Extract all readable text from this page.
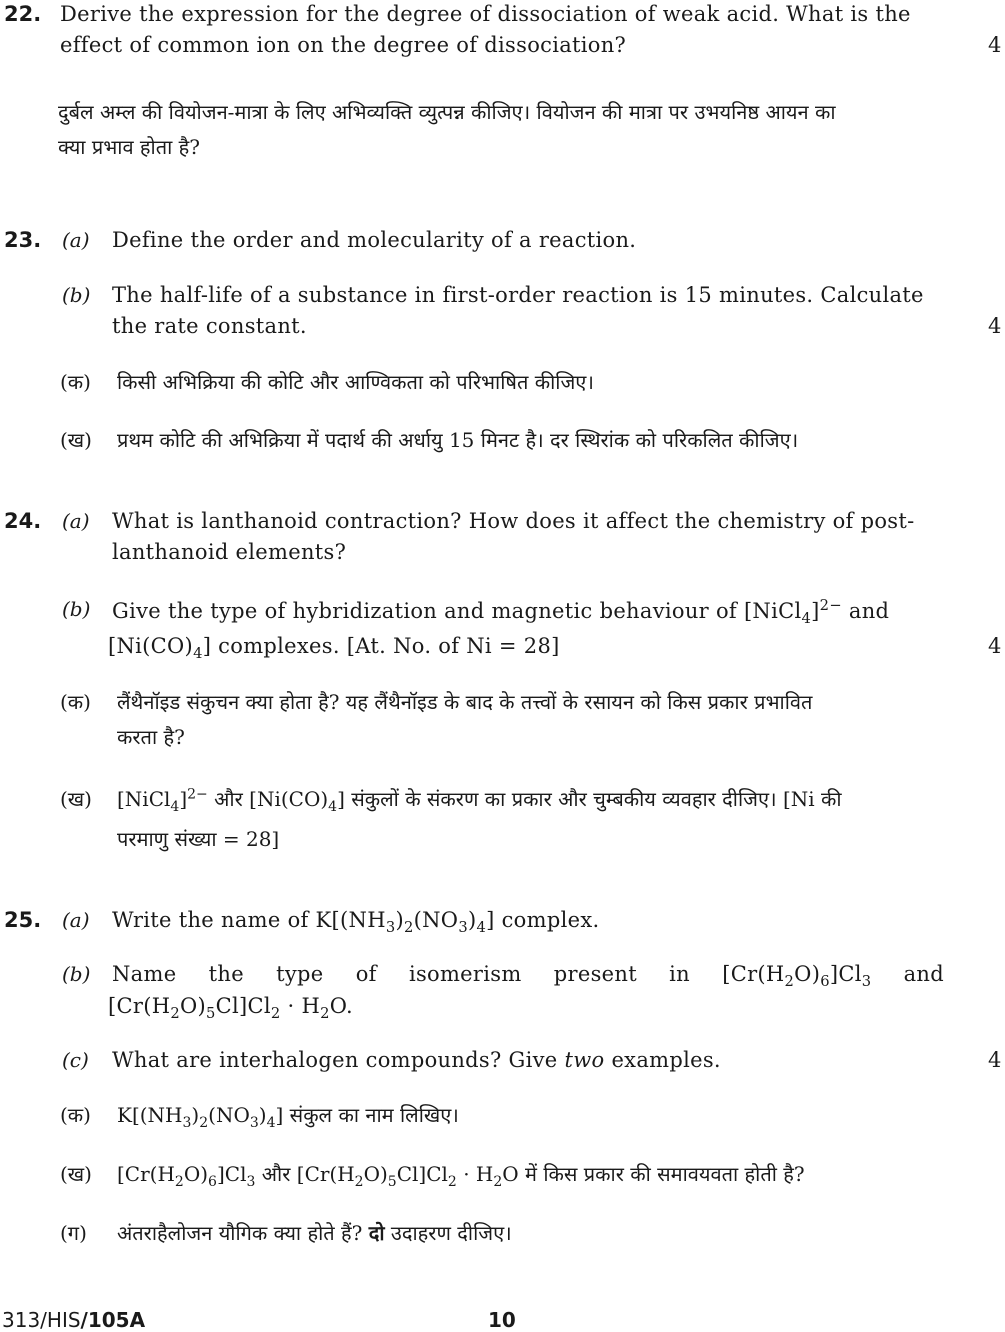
22. Derive the expression for the degree of dissociation of weak acid. What is the
effect of common ion on the degree of dissociation?	4
दुर्बल अम्ल की वियोजन-मात्रा के लिए अभिव्यक्ति व्युत्पन्न कीजिए। वियोजन की मात्रा पर उभयनिष्ठ आयन का
क्या प्रभाव होता है?
23. (a) Define the order and molecularity of a reaction.
(b) The half-life of a substance in first-order reaction is 15 minutes. Calculate
the rate constant.	4
(क) किसी अभिक्रिया की कोटि और आण्विकता को परिभाषित कीजिए।
(ख) प्रथम कोटि की अभिक्रिया में पदार्थ की अर्धायु 15 मिनट है। दर स्थिरांक को परिकलित कीजिए।
24. (a) What is lanthanoid contraction? How does it affect the chemistry of post-
lanthanoid elements?
(b) Give the type of hybridization and magnetic behaviour of [NiCl$_4$]$^{2-}$ and
$[Ni(CO)_4]$ complexes. [At. No. of Ni = 28]	4
(क) लैंथैनॉइड संकुचन क्या होता है? यह लैंथैनॉइड के बाद के तत्त्वों के रसायन को किस प्रकार प्रभावित
करता है?
(ख) [NiCl$_4$]$^{2-}$ और $[Ni(CO)_4]$ संकुलों के संकरण का प्रकार और चुम्बकीय व्यवहार दीजिए। [Ni की
परमाणु संख्या = 28]
25. (a) Write the name of $K[(NH_3)_2(NO_3)_4]$ complex.
(b) Name the type of isomerism present in $[Cr(H_2O)_6]Cl_3$ and
$[Cr(H_2O)_5Cl]Cl_2 \cdot H_2O$.
(c) What are interhalogen compounds? Give two examples.	4
(क) $K[(NH_3)_2(NO_3)_4]$ संकुल का नाम लिखिए।
(ख) $[Cr(H_2O)_6]Cl_3$ और $[Cr(H_2O)_5Cl]Cl_2 \cdot H_2O$ में किस प्रकार की समावयवता होती है?
(ग) अंतराहैलोजन यौगिक क्या होते हैं? दो उदाहरण दीजिए।
313/HIS/105A	10
